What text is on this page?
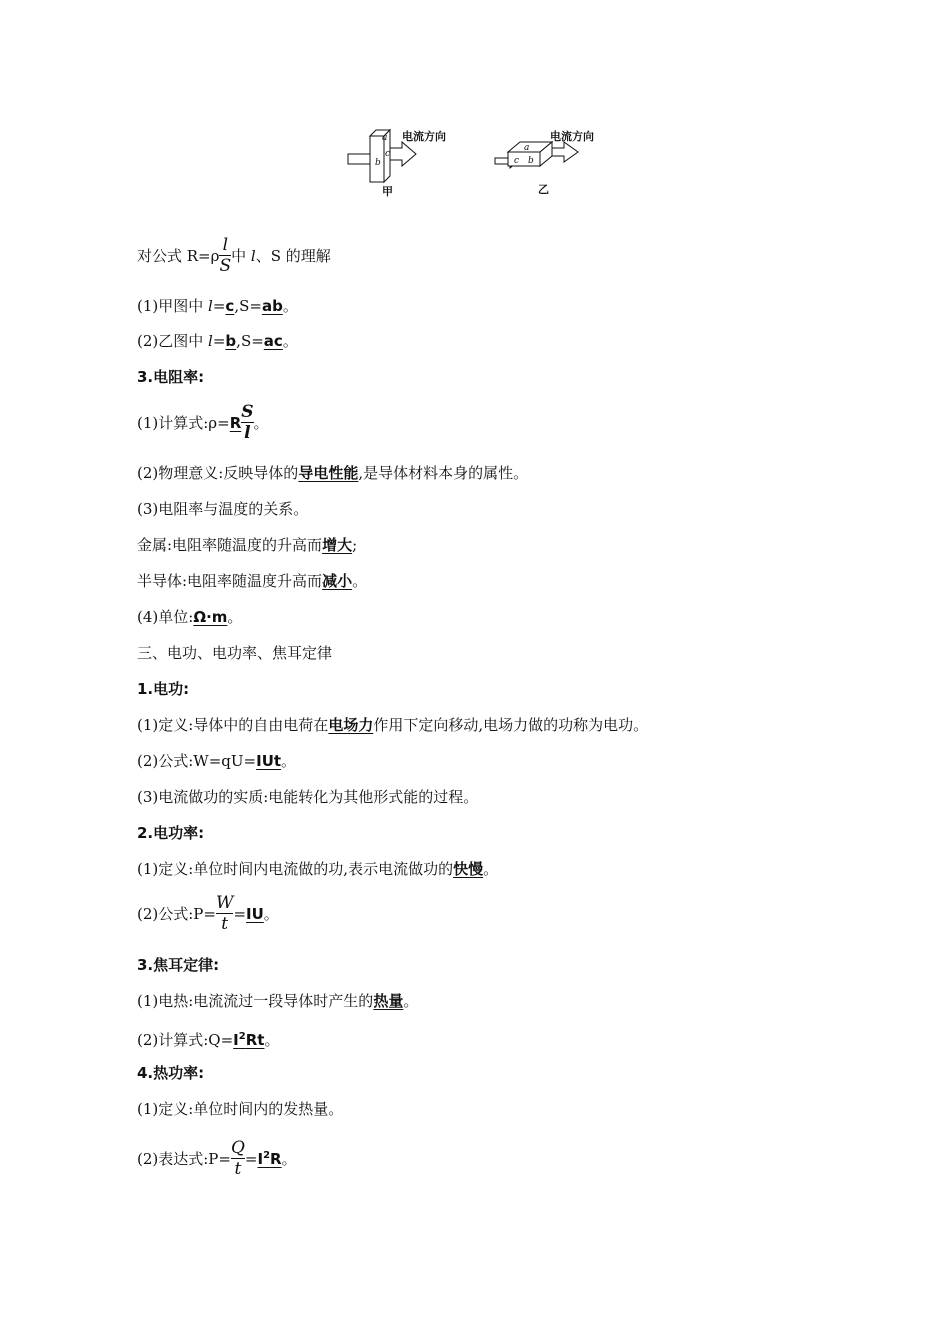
a
b
c
电流方向
甲
a
b
c
电流方向
乙
对公式 $R=\rho \frac{l}{S}$ 中 l、S 的理解
(1)甲图中 l=c,S=ab。
(2)乙图中 l=b,S=ac。
3.电阻率:
(1)计算式:ρ=R $\frac{S}{l}$ 。
(2)物理意义:反映导体的导电性能,是导体材料本身的属性。
(3)电阻率与温度的关系。
金属:电阻率随温度的升高而增大;
半导体:电阻率随温度升高而减小。
(4)单位:Ω·m。
三、电功、电功率、焦耳定律
1.电功:
(1)定义:导体中的自由电荷在电场力作用下定向移动,电场力做的功称为电功。
(2)公式:W=qU=IUt。
(3)电流做功的实质:电能转化为其他形式能的过程。
2.电功率:
(1)定义:单位时间内电流做的功,表示电流做功的快慢。
(2)公式:P= $\frac{W}{t} =IU$。
3.焦耳定律:
(1)电热:电流流过一段导体时产生的热量。
(2)计算式$:Q=I^2Rt$。
4.热功率:
(1)定义:单位时间内的发热量。
(2)表达式:P= $\frac{Q}{t} =I^2R$。
